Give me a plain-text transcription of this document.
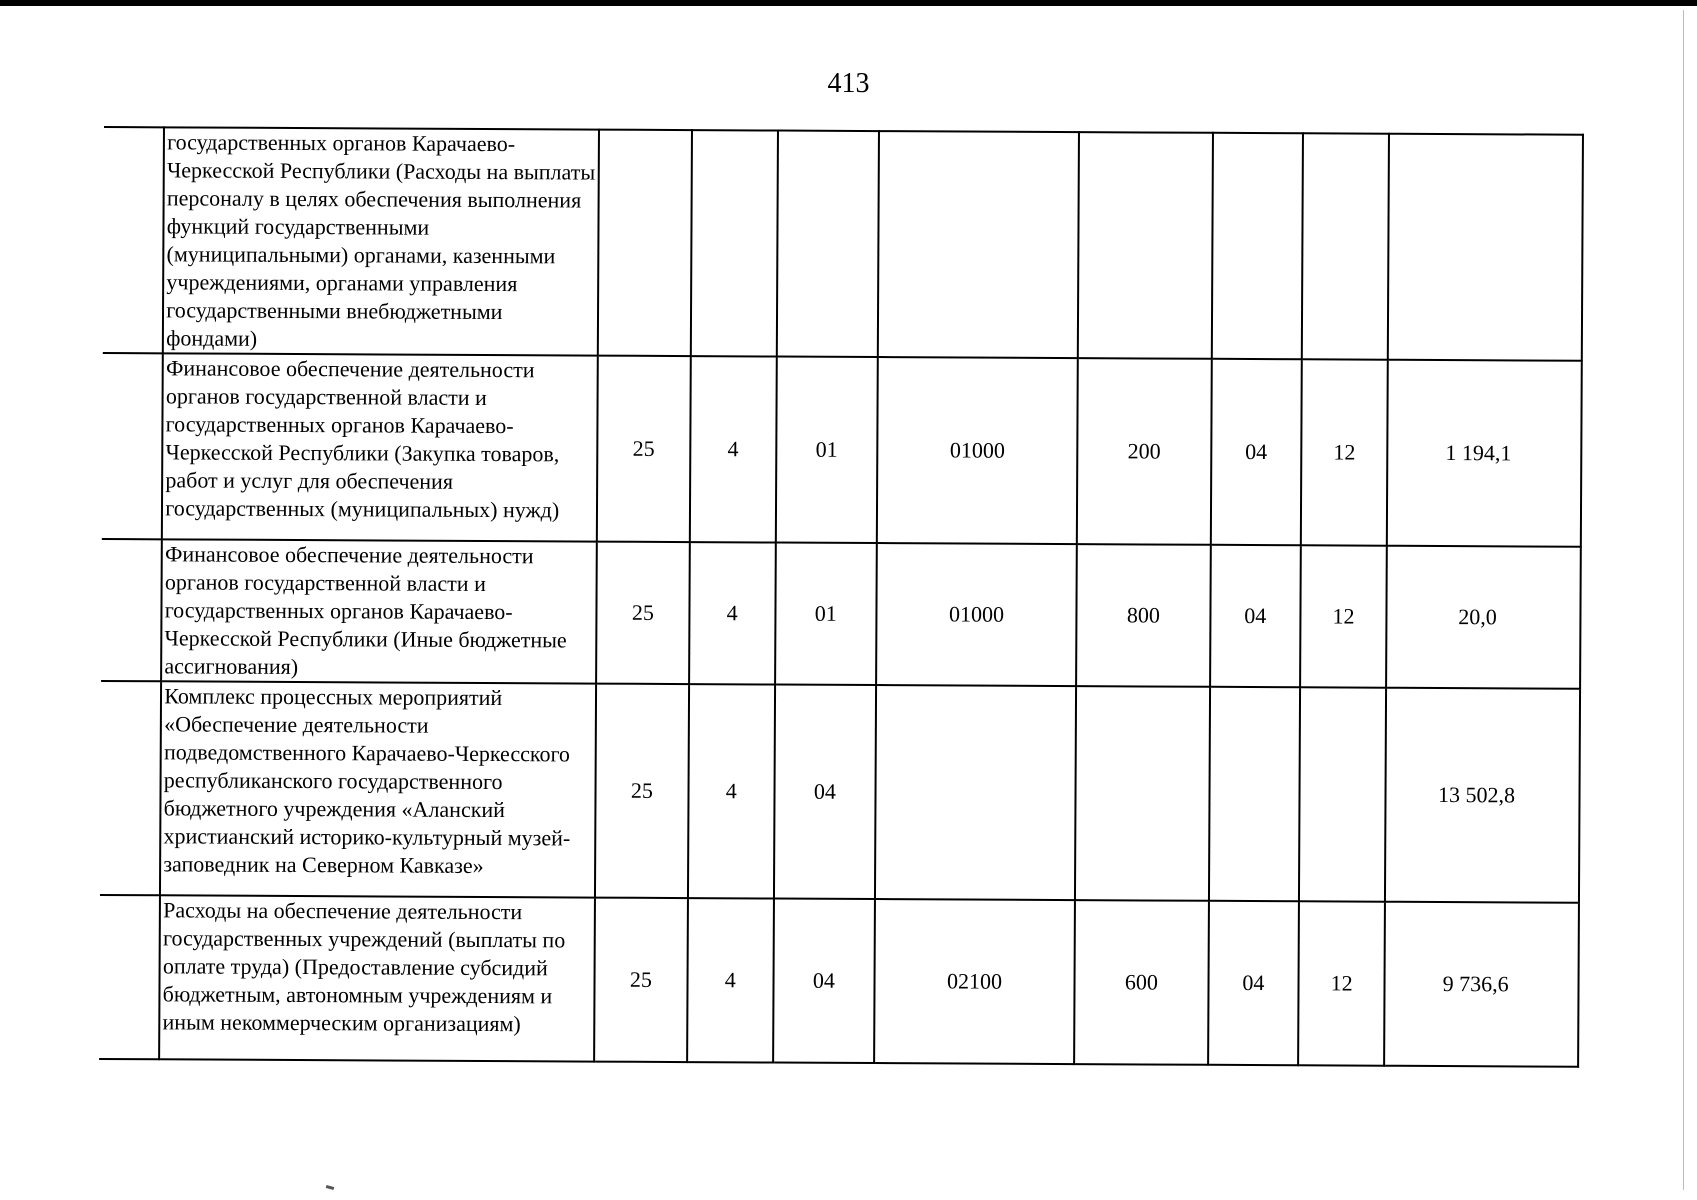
413
	государственных органов Карачаево-Черкесской Республики (Расходы на выплаты персоналу в целях обеспечения выполнения функций государственными (муниципальными) органами, казенными учреждениями, органами управления государственными внебюджетными фондами)								
	Финансовое обеспечение деятельности органов государственной власти и государственных органов Карачаево-Черкесской Республики (Закупка товаров, работ и услуг для обеспечения государственных (муниципальных) нужд)	25	4	01	01000	200	04	12	1 194,1
	Финансовое обеспечение деятельности органов государственной власти и государственных органов Карачаево-Черкесской Республики (Иные бюджетные ассигнования)	25	4	01	01000	800	04	12	20,0
	Комплекс процессных мероприятий «Обеспечение деятельности подведомственного Карачаево-Черкесского республиканского государственного бюджетного учреждения «Аланский христианский историко-культурный музей-заповедник на Северном Кавказе»	25	4	04					13 502,8
	Расходы на обеспечение деятельности государственных учреждений (выплаты по оплате труда) (Предоставление субсидий бюджетным, автономным учреждениям и иным некоммерческим организациям)	25	4	04	02100	600	04	12	9 736,6
